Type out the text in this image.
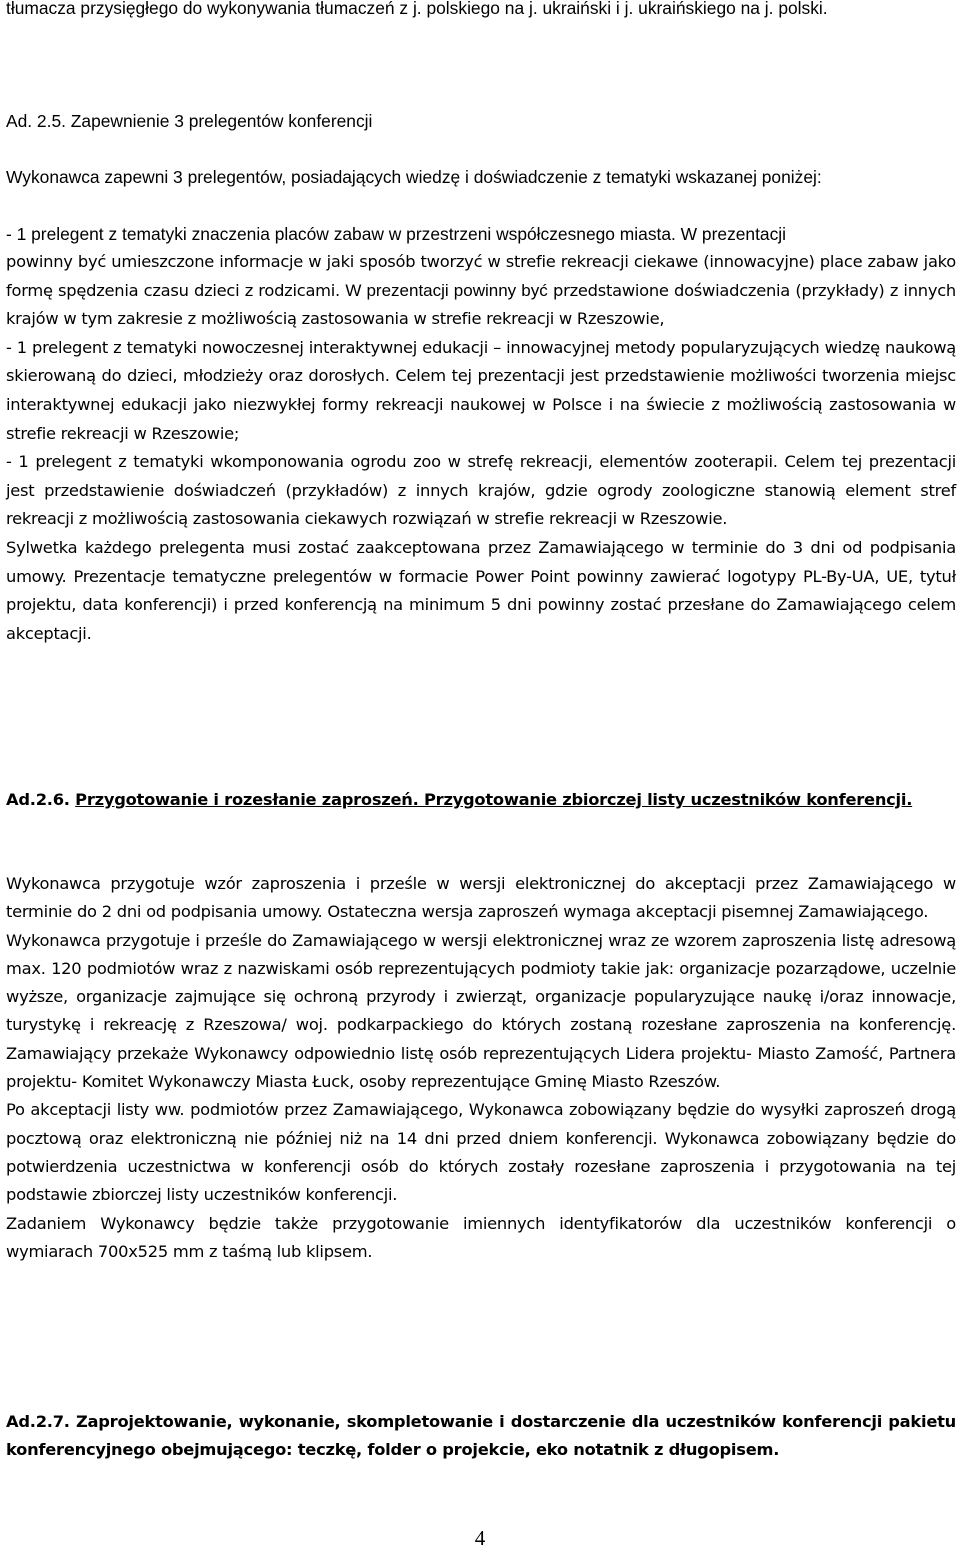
tłumacza przysięgłego do wykonywania tłumaczeń z j. polskiego na j. ukraiński i j. ukraińskiego na j. polski.

Ad. 2.5. Zapewnienie 3 prelegentów konferencji

Wykonawca zapewni 3 prelegentów, posiadających wiedzę i doświadczenie z tematyki wskazanej poniżej:

- 1 prelegent z tematyki znaczenia placów zabaw w przestrzeni współczesnego miasta. W prezentacji

powinny być umieszczone informacje w jaki sposób tworzyć w strefie rekreacji ciekawe (innowacyjne) place zabaw jako formę spędzenia czasu dzieci z rodzicami. W prezentacji powinny być przedstawione doświadczenia (przykłady) z innych krajów w tym zakresie z możliwością zastosowania w strefie rekreacji w Rzeszowie,

- 1 prelegent z tematyki nowoczesnej interaktywnej edukacji – innowacyjnej metody popularyzujących wiedzę naukową skierowaną do dzieci, młodzieży oraz dorosłych. Celem tej prezentacji jest przedstawienie możliwości tworzenia miejsc interaktywnej edukacji jako niezwykłej formy rekreacji naukowej w Polsce i na świecie z możliwością zastosowania w strefie rekreacji w Rzeszowie;

- 1 prelegent z tematyki wkomponowania ogrodu zoo w strefę rekreacji, elementów zooterapii. Celem tej prezentacji jest przedstawienie doświadczeń (przykładów) z innych krajów, gdzie ogrody zoologiczne stanowią element stref rekreacji z możliwością zastosowania ciekawych rozwiązań w strefie rekreacji w Rzeszowie.

Sylwetka każdego prelegenta musi zostać zaakceptowana przez Zamawiającego w terminie do 3 dni od podpisania umowy. Prezentacje tematyczne prelegentów w formacie Power Point powinny zawierać logotypy PL-By-UA, UE, tytuł projektu, data konferencji) i przed konferencją na minimum 5 dni powinny zostać przesłane do Zamawiającego celem akceptacji.

Ad.2.6. Przygotowanie i rozesłanie zaproszeń. Przygotowanie zbiorczej listy uczestników konferencji.

Wykonawca przygotuje wzór zaproszenia i prześle w wersji elektronicznej do akceptacji przez Zamawiającego w terminie do 2 dni od podpisania umowy. Ostateczna wersja zaproszeń wymaga akceptacji pisemnej Zamawiającego.

Wykonawca przygotuje i prześle do Zamawiającego w wersji elektronicznej wraz ze wzorem zaproszenia listę adresową max. 120 podmiotów wraz z nazwiskami osób reprezentujących podmioty takie jak: organizacje pozarządowe, uczelnie wyższe, organizacje zajmujące się ochroną przyrody i zwierząt, organizacje popularyzujące naukę i/oraz innowacje, turystykę i rekreację z Rzeszowa/ woj. podkarpackiego do których zostaną rozesłane zaproszenia na konferencję. Zamawiający przekaże Wykonawcy odpowiednio listę osób reprezentujących Lidera projektu- Miasto Zamość, Partnera projektu- Komitet Wykonawczy Miasta Łuck, osoby reprezentujące Gminę Miasto Rzeszów.

Po akceptacji listy ww. podmiotów przez Zamawiającego, Wykonawca zobowiązany będzie do wysyłki zaproszeń drogą pocztową oraz elektroniczną nie później niż na 14 dni przed dniem konferencji. Wykonawca zobowiązany będzie do potwierdzenia uczestnictwa w konferencji osób do których zostały rozesłane zaproszenia i przygotowania na tej podstawie zbiorczej listy uczestników konferencji.

Zadaniem Wykonawcy będzie także przygotowanie imiennych identyfikatorów dla uczestników konferencji o wymiarach 700x525 mm z taśmą lub klipsem.

Ad.2.7. Zaprojektowanie, wykonanie, skompletowanie i dostarczenie dla uczestników konferencji pakietu konferencyjnego obejmującego: teczkę, folder o projekcie, eko notatnik z długopisem.

4
